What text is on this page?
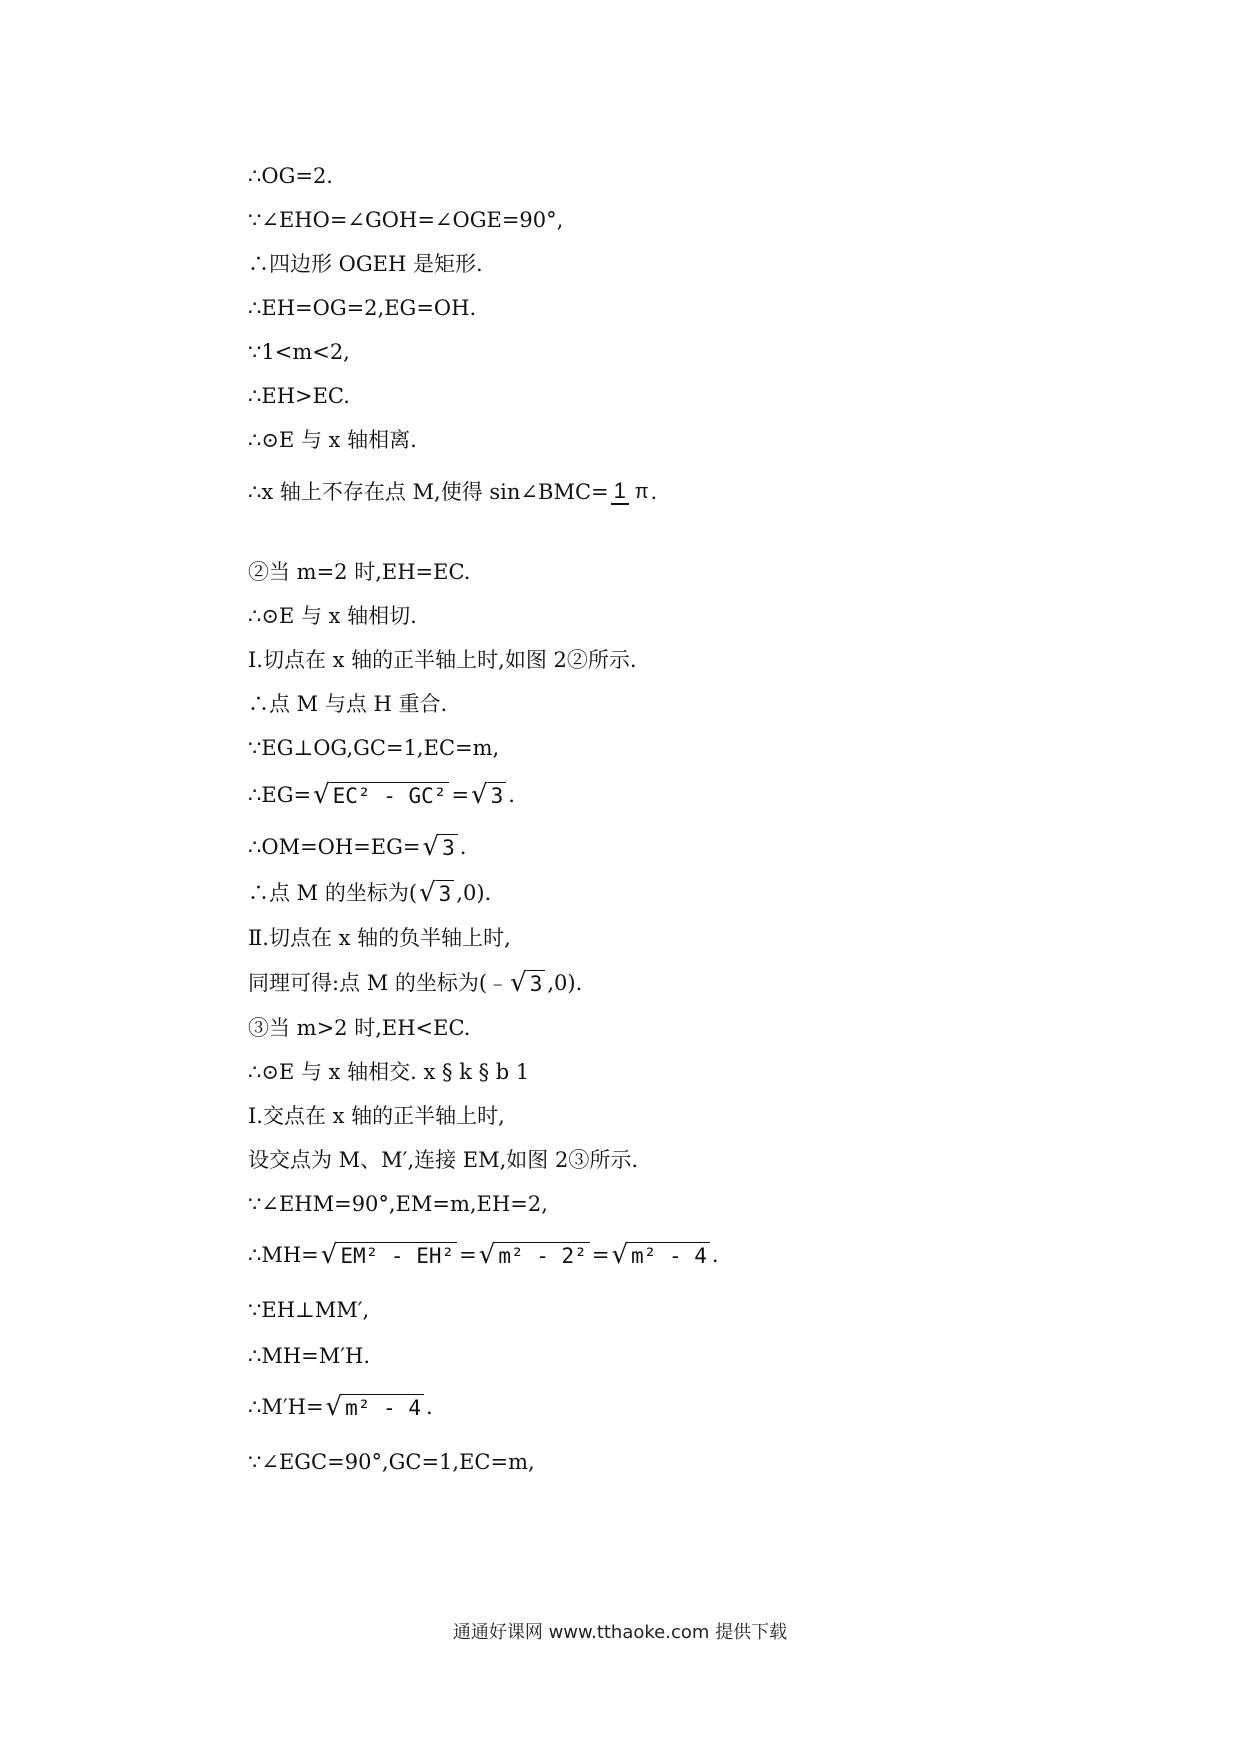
∴OG=2.
∵∠EHO=∠GOH=∠OGE=90°,
∴四边形 OGEH 是矩形.
∴EH=OG=2,EG=OH.
∵1<m<2,
∴EH>EC.
∴⊙E 与 x 轴相离.
∴x 轴上不存在点 M,使得 sin∠BMC= 1 π .
②当 m=2 时,EH=EC.
∴⊙E 与 x 轴相切.
Ⅰ.切点在 x 轴的正半轴上时,如图 2②所示.
∴点 M 与点 H 重合.
∵EG⊥OG,GC=1,EC=m,
∴EG= √ EC² - GC² = √ 3 .
∴OM=OH=EG= √ 3 .
∴点 M 的坐标为( √ 3 ,0).
Ⅱ.切点在 x 轴的负半轴上时,
同理可得:点 M 的坐标为(﹣ √ 3 ,0).
③当 m>2 时,EH<EC.
∴⊙E 与 x 轴相交. x § k § b 1
Ⅰ.交点在 x 轴的正半轴上时,
设交点为 M、M′,连接 EM,如图 2③所示.
∵∠EHM=90°,EM=m,EH=2,
∴MH= √ EM² - EH² = √ m² - 2² = √ m² - 4 .
∵EH⊥MM′,
∴MH=M′H.
∴M′H= √ m² - 4 .
∵∠EGC=90°,GC=1,EC=m,
通通好课网 www.tthaoke.com 提供下载
